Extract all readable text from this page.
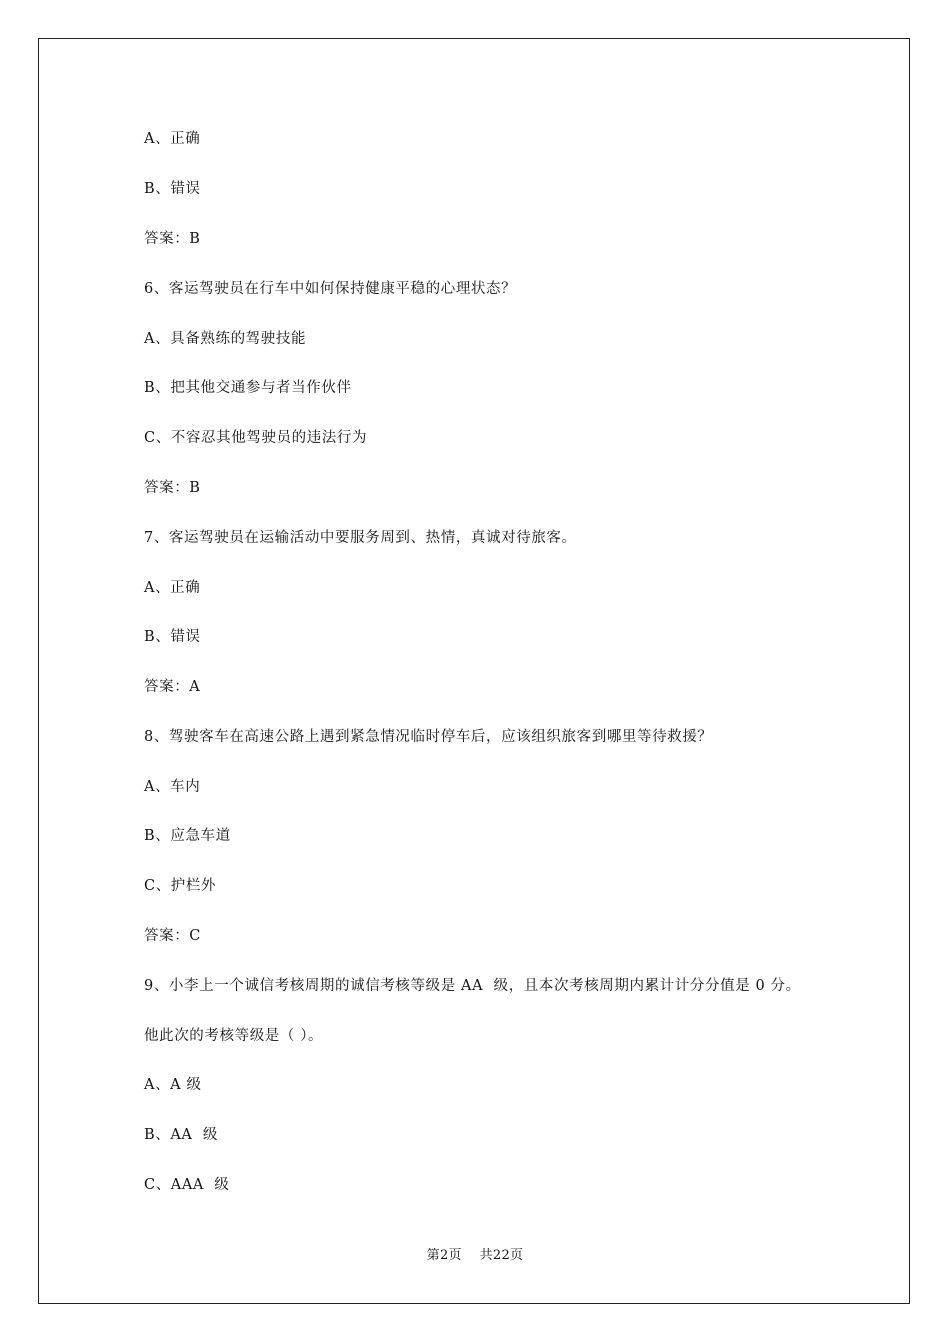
A、正确
B、错误
答案：B
6、客运驾驶员在行车中如何保持健康平稳的心理状态？
A、具备熟练的驾驶技能
B、把其他交通参与者当作伙伴
C、不容忍其他驾驶员的违法行为
答案：B
7、客运驾驶员在运输活动中要服务周到、热情，真诚对待旅客。
A、正确
B、错误
答案：A
8、驾驶客车在高速公路上遇到紧急情况临时停车后，应该组织旅客到哪里等待救援？
A、车内
B、应急车道
C、护栏外
答案：C
9、小李上一个诚信考核周期的诚信考核等级是 AA  级，且本次考核周期内累计计分分值是 0 分。
他此次的考核等级是（ ）。
A、A 级
B、AA  级
C、AAA  级
第2页 共22页
